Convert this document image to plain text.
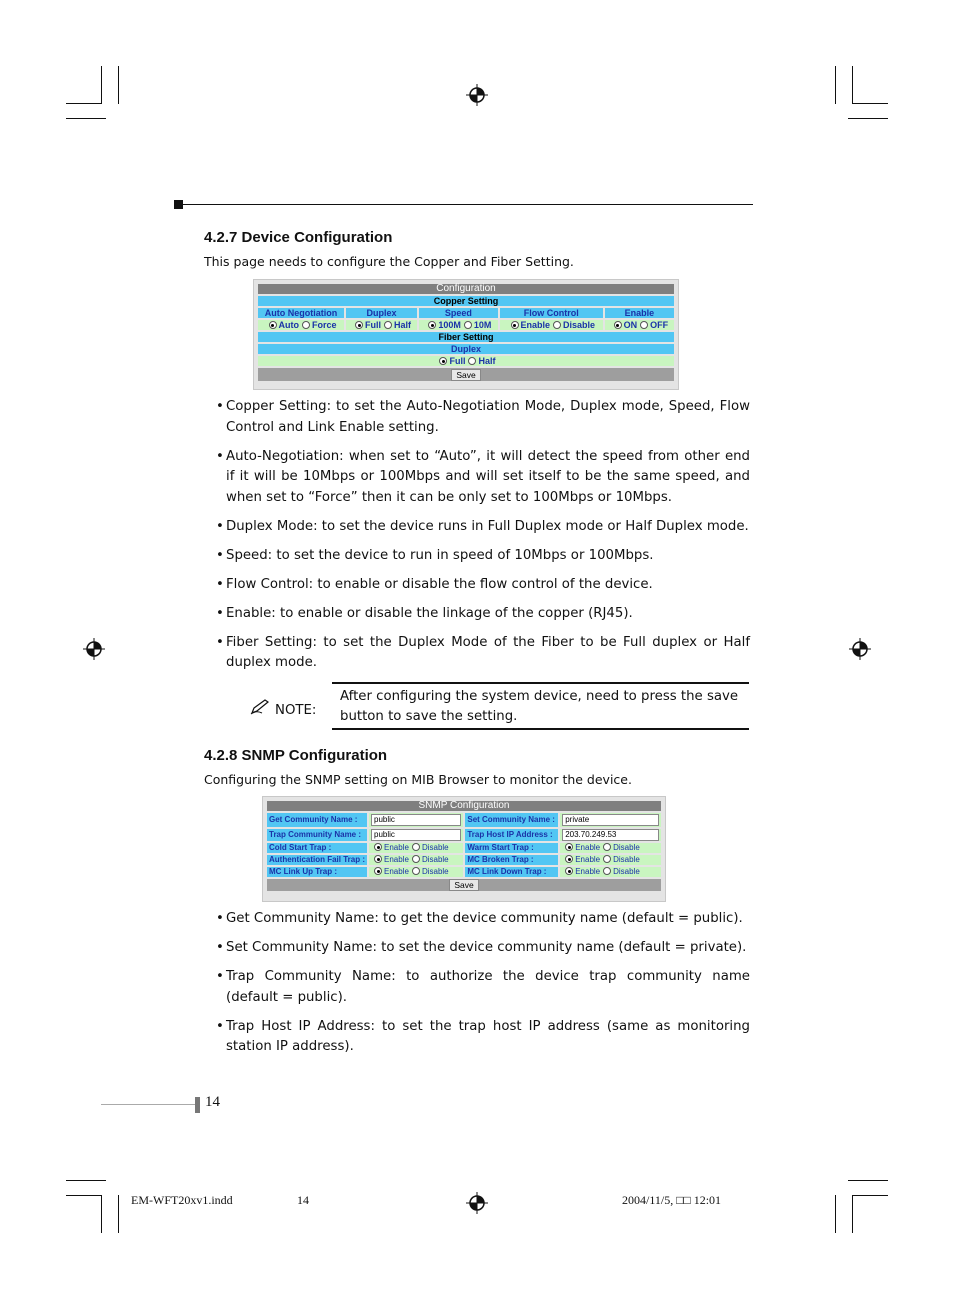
4.2.7 Device Configuration
This page needs to configure the Copper and Fiber Setting.
Configuration				
Copper Setting				
Auto Negotiation	Duplex	Speed	Flow Control	Enable
Auto Force	Full Half	100M 10M	Enable Disable	ON OFF
Fiber Setting				
Duplex				
Full Half				
Save				

• Copper Setting: to set the Auto-Negotiation Mode, Duplex mode, Speed, Flow Control and Link Enable setting.

• Auto-Negotiation: when set to “Auto”, it will detect the speed from other end if it will be 10Mbps or 100Mbps and will set itself to be the same speed, and when set to “Force” then it can be only set to 100Mbps or 10Mbps.

• Duplex Mode: to set the device runs in Full Duplex mode or Half Duplex mode.

• Speed: to set the device to run in speed of 10Mbps or 100Mbps.

• Flow Control: to enable or disable the flow control of the device.

• Enable: to enable or disable the linkage of the copper (RJ45).

• Fiber Setting: to set the Duplex Mode of the Fiber to be Full duplex or Half duplex mode.

NOTE:
After configuring the system device, need to press the save button to save the setting.
4.2.8 SNMP Configuration
Configuring the SNMP setting on MIB Browser to monitor the device.
SNMP Configuration			
Get Community Name :	public	Set Community Name :	private

Trap Community Name :	public	Trap Host IP Address :	203.70.249.53

Cold Start Trap :	Enable Disable	Warm Start Trap :	Enable Disable
Authentication Fail Trap :	Enable Disable	MC Broken Trap :	Enable Disable
MC Link Up Trap :	Enable Disable	MC Link Down Trap :	Enable Disable
Save			

• Get Community Name: to get the device community name (default = public).

• Set Community Name: to set the device community name (default = private).

• Trap Community Name: to authorize the device trap community name (default = public).

• Trap Host IP Address: to set the trap host IP address (same as monitoring station IP address).

14
EM-WFT20xv1.indd	14	2004/11/5, □□ 12:01
